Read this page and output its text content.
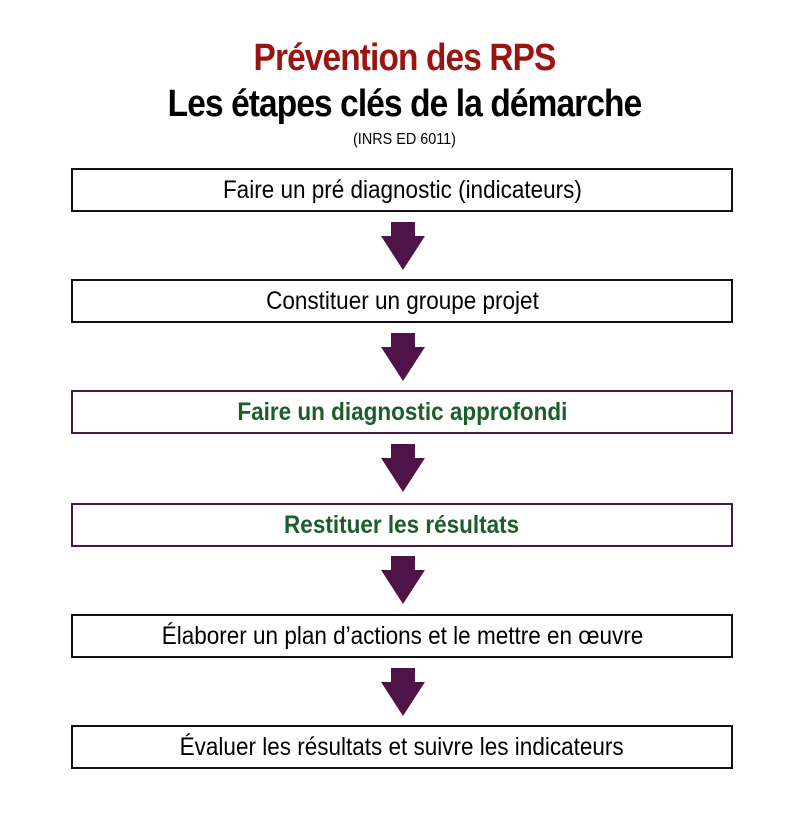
Prévention des RPS
Les étapes clés de la démarche
(INRS ED 6011)
Faire un pré diagnostic (indicateurs)
Constituer un groupe projet
Faire un diagnostic approfondi
Restituer les résultats
Élaborer un plan d’actions et le mettre en œuvre
Évaluer les résultats et suivre les indicateurs
